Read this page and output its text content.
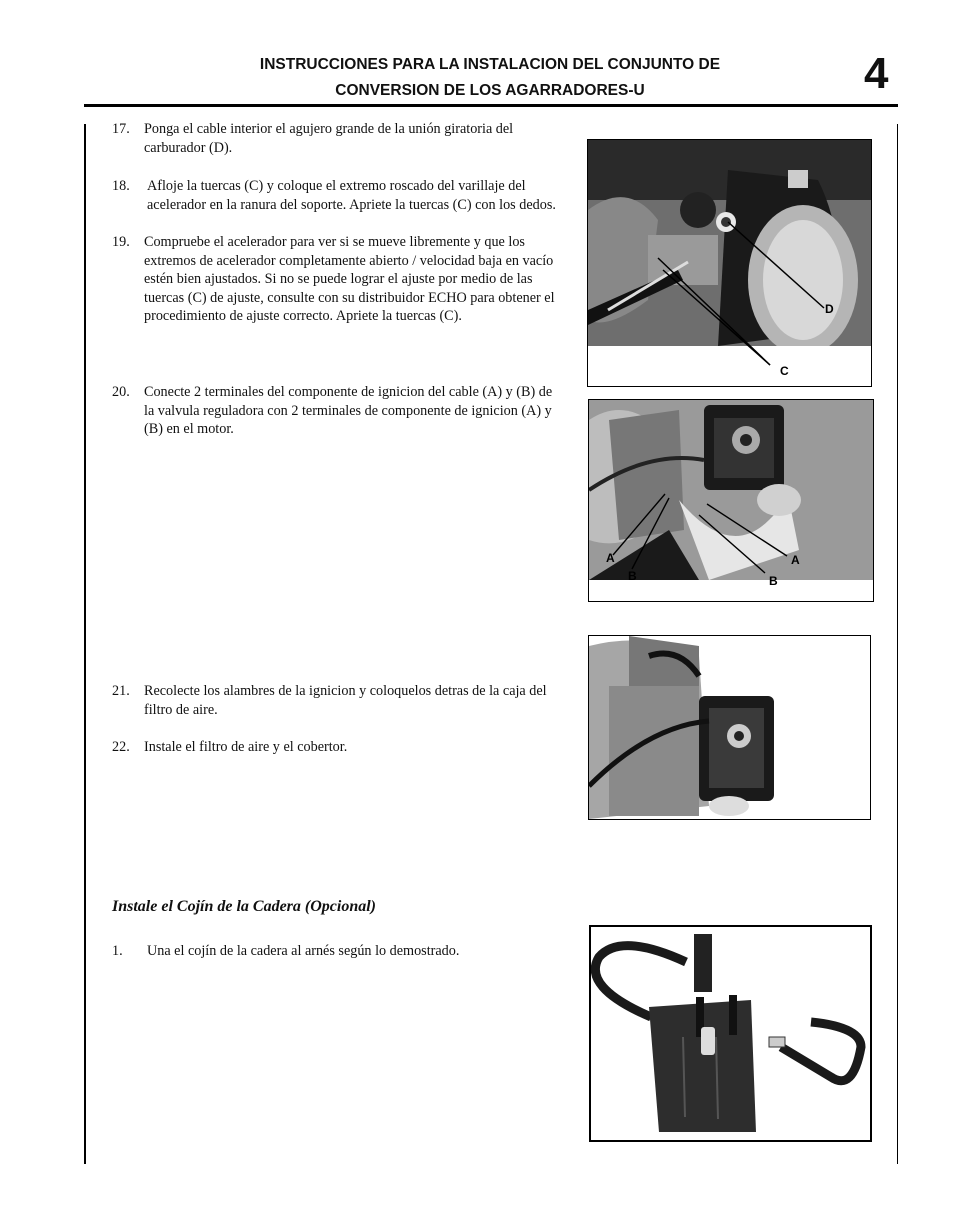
INSTRUCCIONES PARA LA INSTALACION DEL CONJUNTO DE
CONVERSION DE LOS AGARRADORES-U	4
17. Ponga el cable interior el agujero grande de la unión giratoria del carburador (D).
18. Afloje la tuercas (C) y coloque el extremo roscado del varillaje del acelerador en la ranura del soporte. Apriete la tuercas (C) con los dedos.
19. Compruebe el acelerador para ver si se mueve libremente y que los extremos de acelerador completamente abierto / velocidad baja en vacío estén bien ajustados. Si no se puede lograr el ajuste por medio de las tuercas (C) de ajuste, consulte con su distribuidor ECHO para obtener el procedimiento de ajuste correcto. Apriete la tuercas (C).
20. Conecte 2 terminales del componente de ignicion del cable (A) y (B) de la valvula reguladora con 2 terminales de componente de ignicion (A) y (B) en el motor.
21. Recolecte los alambres de la ignicion y coloquelos detras de la caja del filtro de aire.
22. Instale el filtro de aire y el cobertor.
Instale el Cojín de la Cadera (Opcional)
1. Una el cojín de la cadera al arnés según lo demostrado.
D
C
A
B
A
B
